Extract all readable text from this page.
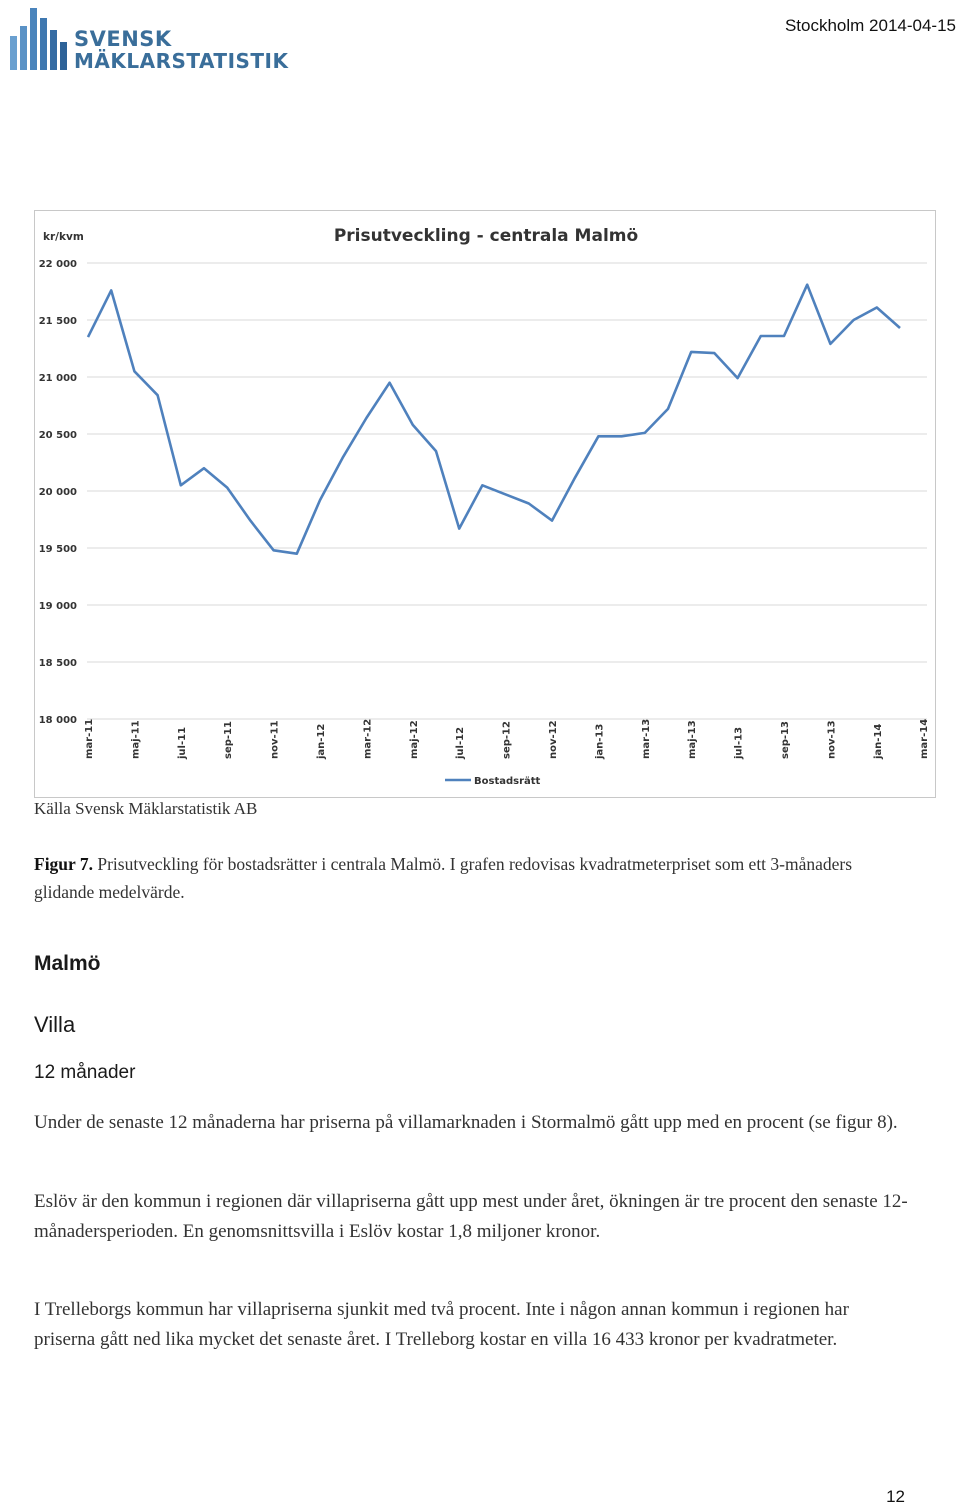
SVENSK
MÄKLARSTATISTIK
Stockholm 2014-04-15
Prisutveckling - centrala Malmö
kr/kvm
18 000
18 500
19 000
19 500
20 000
20 500
21 000
21 500
22 000
mar-11	maj-11	jul-11	sep-11	nov-11	jan-12	mar-12	maj-12	jul-12	sep-12	nov-12	jan-13	mar-13	maj-13	jul-13	sep-13	nov-13	jan-14	mar-14
Bostadsrätt
Källa Svensk Mäklarstatistik AB
Figur 7. Prisutveckling för bostadsrätter i centrala Malmö. I grafen redovisas kvadratmeterpriset som ett 3-månaders glidande medelvärde.
Malmö
Villa
12 månader

Under de senaste 12 månaderna har priserna på villamarknaden i Stormalmö gått upp med en procent (se figur 8).

Eslöv är den kommun i regionen där villapriserna gått upp mest under året, ökningen är tre procent den senaste 12-månadersperioden. En genomsnittsvilla i Eslöv kostar 1,8 miljoner kronor.

I Trelleborgs kommun har villapriserna sjunkit med två procent. Inte i någon annan kommun i regionen har priserna gått ned lika mycket det senaste året. I Trelleborg kostar en villa 16 433 kronor per kvadratmeter.

12
